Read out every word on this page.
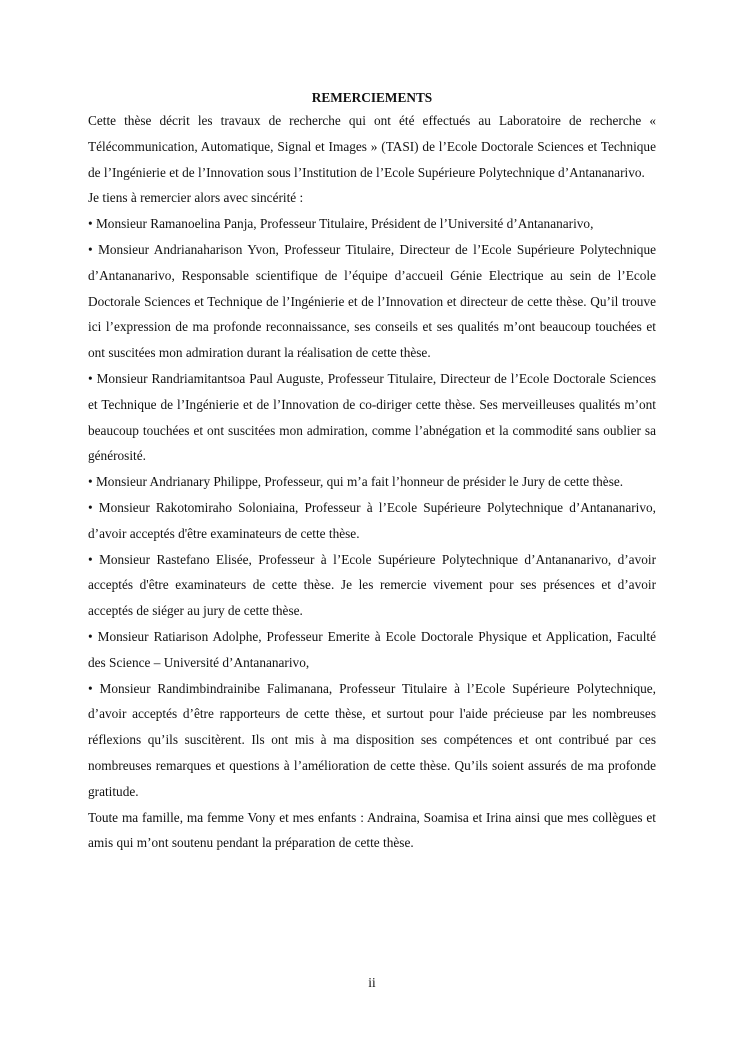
REMERCIEMENTS

Cette thèse décrit les travaux de recherche qui ont été effectués au Laboratoire de recherche « Télécommunication, Automatique, Signal et Images » (TASI) de l’Ecole Doctorale Sciences et Technique de l’Ingénierie et de l’Innovation sous l’Institution de l’Ecole Supérieure Polytechnique d’Antananarivo.

Je tiens à remercier alors avec sincérité :

• Monsieur Ramanoelina Panja, Professeur Titulaire, Président de l’Université d’Antananarivo,

• Monsieur Andrianaharison Yvon, Professeur Titulaire, Directeur de l’Ecole Supérieure Polytechnique d’Antananarivo, Responsable scientifique de l’équipe d’accueil Génie Electrique au sein de l’Ecole Doctorale Sciences et Technique de l’Ingénierie et de l’Innovation et directeur de cette thèse. Qu’il trouve ici l’expression de ma profonde reconnaissance, ses conseils et ses qualités m’ont beaucoup touchées et ont suscitées mon admiration durant la réalisation de cette thèse.

• Monsieur Randriamitantsoa Paul Auguste, Professeur Titulaire, Directeur de l’Ecole Doctorale Sciences et Technique de l’Ingénierie et de l’Innovation de co-diriger cette thèse. Ses merveilleuses qualités m’ont beaucoup touchées et ont suscitées mon admiration, comme l’abnégation et la commodité sans oublier sa générosité.

• Monsieur Andrianary Philippe, Professeur, qui m’a fait l’honneur de présider le Jury de cette thèse.

• Monsieur Rakotomiraho Soloniaina, Professeur à l’Ecole Supérieure Polytechnique d’Antananarivo, d’avoir acceptés d'être examinateurs de cette thèse.

• Monsieur Rastefano Elisée, Professeur à l’Ecole Supérieure Polytechnique d’Antananarivo, d’avoir acceptés d'être examinateurs de cette thèse. Je les remercie vivement pour ses présences et d’avoir acceptés de siéger au jury de cette thèse.

• Monsieur Ratiarison Adolphe, Professeur Emerite à Ecole Doctorale Physique et Application, Faculté des Science – Université d’Antananarivo,

• Monsieur Randimbindrainibe Falimanana, Professeur Titulaire à l’Ecole Supérieure Polytechnique, d’avoir acceptés d’être rapporteurs de cette thèse, et surtout pour l'aide précieuse par les nombreuses réflexions qu’ils suscitèrent. Ils ont mis à ma disposition ses compétences et ont contribué par ces nombreuses remarques et questions à l’amélioration de cette thèse. Qu’ils soient assurés de ma profonde gratitude.

Toute ma famille, ma femme Vony et mes enfants : Andraina, Soamisa et Irina ainsi que mes collègues et amis qui m’ont soutenu pendant la préparation de cette thèse.

ii
